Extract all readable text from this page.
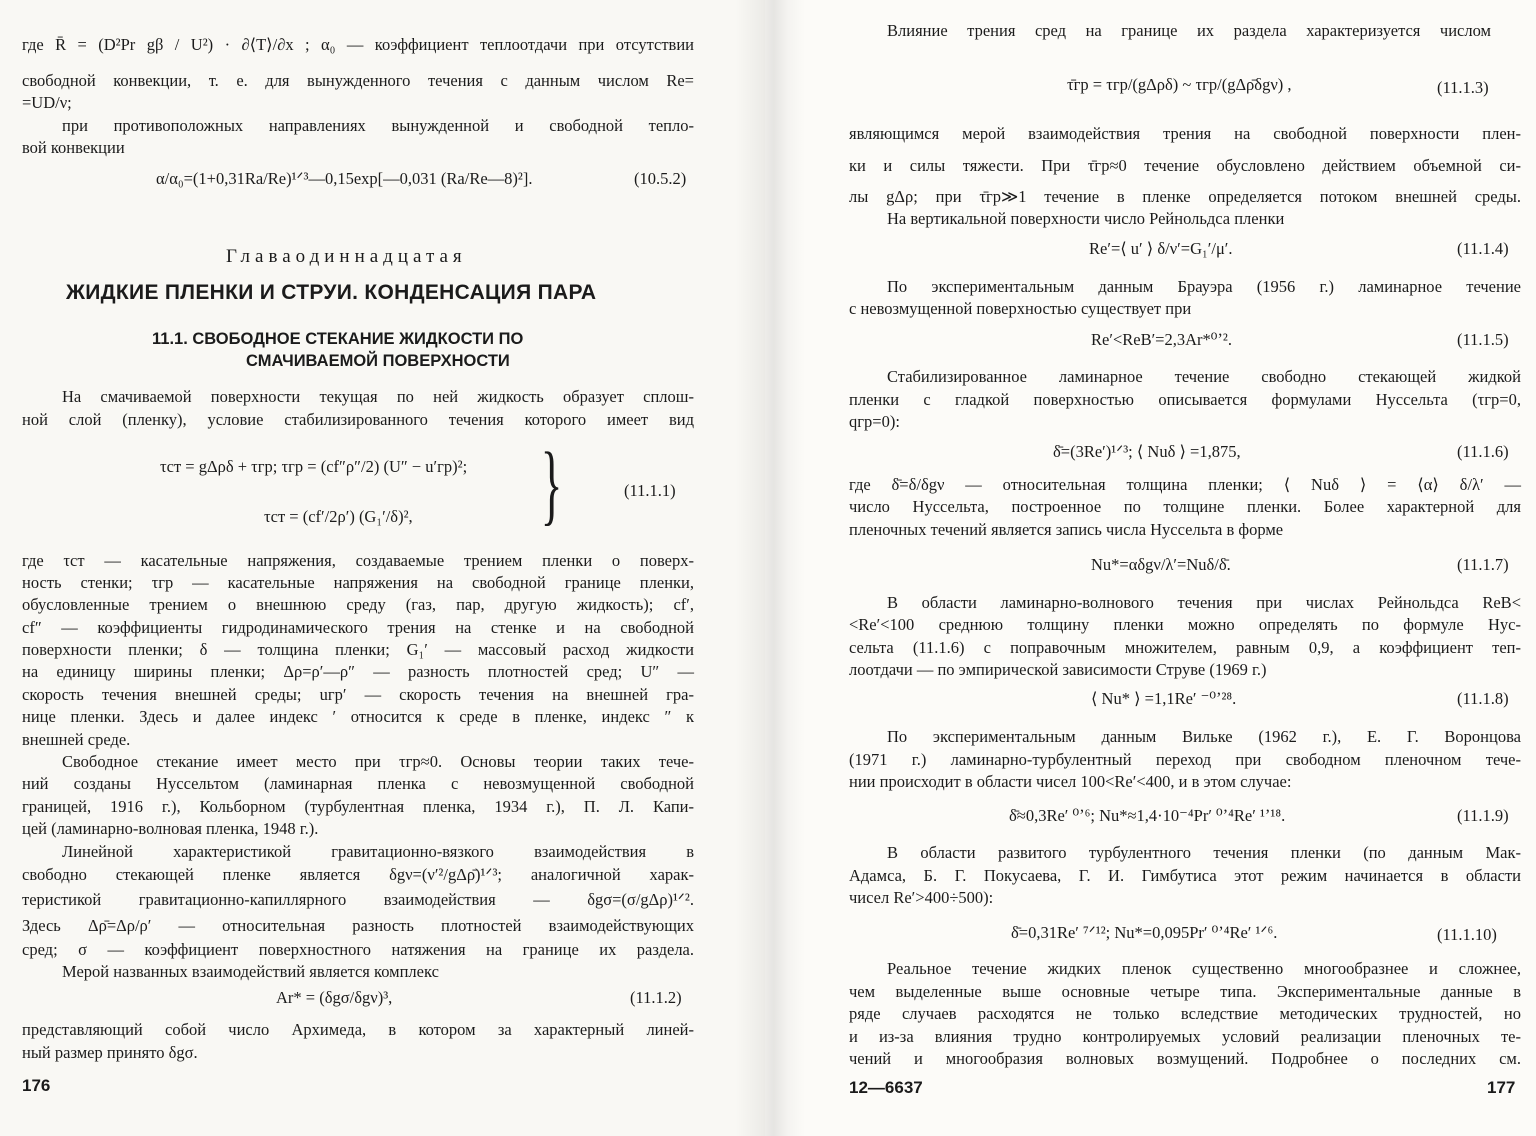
где R̄ = (D²Pr gβ / U²) · ∂⟨T⟩/∂x ; α₀ — коэффициент теплоотдачи при отсутствии
свободной конвекции, т. е. для вынужденного течения с данным числом Re=
=UD/ν;
при противоположных направлениях вынужденной и свободной тепло-
вой конвекции
α/α₀=(1+0,31Ra/Re)¹ᐟ³—0,15exp[—0,031 (Ra/Re—8)²].	(10.5.2)
Главаодиннадцатая
ЖИДКИЕ ПЛЕНКИ И СТРУИ. КОНДЕНСАЦИЯ ПАРА
11.1. СВОБОДНОЕ СТЕКАНИЕ ЖИДКОСТИ ПО
СМАЧИВАЕМОЙ ПОВЕРХНОСТИ
На смачиваемой поверхности текущая по ней жидкость образует сплош-
ной слой (пленку), условие стабилизированного течения которого имеет вид
τст = gΔρδ + τгр; τгр = (cf″ρ″/2) (U″ − u′гр)²;
τст = (cf′/2ρ′) (G₁′/δ)², }	(11.1.1)
где τст — касательные напряжения, создаваемые трением пленки о поверх-
ность стенки; τгр — касательные напряжения на свободной границе пленки,
обусловленные трением о внешнюю среду (газ, пар, другую жидкость); cf′,
cf″ — коэффициенты гидродинамического трения на стенке и на свободной
поверхности пленки; δ — толщина пленки; G₁′ — массовый расход жидкости
на единицу ширины пленки; Δρ=ρ′—ρ″ — разность плотностей сред; U″ —
скорость течения внешней среды; uгр′ — скорость течения на внешней гра-
нице пленки. Здесь и далее индекс ′ относится к среде в пленке, индекс ″ к
внешней среде.
Свободное стекание имеет место при τгр≈0. Основы теории таких тече-
ний созданы Нуссельтом (ламинарная пленка с невозмущенной свободной
границей, 1916 г.), Кольборном (турбулентная пленка, 1934 г.), П. Л. Капи-
цей (ламинарно-волновая пленка, 1948 г.).
Линейной характеристикой гравитационно-вязкого взаимодействия в
свободно стекающей пленке является δgν=(ν′²/gΔρ̄)¹ᐟ³; аналогичной харак-
теристикой гравитационно-капиллярного взаимодействия — δgσ=(σ/gΔρ)¹ᐟ².
Здесь Δρ̄=Δρ/ρ′ — относительная разность плотностей взаимодействующих
сред; σ — коэффициент поверхностного натяжения на границе их раздела.
Мерой названных взаимодействий является комплекс
Ar* = (δgσ/δgν)³,	(11.1.2)
представляющий собой число Архимеда, в котором за характерный линей-
ный размер принято δgσ.
176
Влияние трения сред на границе их раздела характеризуется числом
τ̄гр = τгр/(gΔρδ) ~ τгр/(gΔρ̄δgν) ,	(11.1.3)
являющимся мерой взаимодействия трения на свободной поверхности плен-
ки и силы тяжести. При τ̄гр≈0 течение обусловлено действием объемной си-
лы gΔρ; при τ̄гр≫1 течение в пленке определяется потоком внешней среды.
На вертикальной поверхности число Рейнольдса пленки
Re′=⟨ u′ ⟩ δ/ν′=G₁′/μ′.	(11.1.4)
По экспериментальным данным Брауэра (1956 г.) ламинарное течение
с невозмущенной поверхностью существует при
Re′<ReB′=2,3Ar*⁰ʼ².	(11.1.5)
Стабилизированное ламинарное течение свободно стекающей жидкой
пленки с гладкой поверхностью описывается формулами Нуссельта (τгр=0,
qгр=0):
δ̄=(3Re′)¹ᐟ³; ⟨ Nuδ ⟩ =1,875,	(11.1.6)
где δ̄=δ/δgν — относительная толщина пленки; ⟨ Nuδ ⟩ = ⟨α⟩ δ/λ′ —
число Нуссельта, построенное по толщине пленки. Более характерной для
пленочных течений является запись числа Нуссельта в форме
Nu*=αδgν/λ′=Nuδ/δ̄.	(11.1.7)
В области ламинарно-волнового течения при числах Рейнольдса ReB<
<Re′<100 среднюю толщину пленки можно определять по формуле Нус-
сельта (11.1.6) с поправочным множителем, равным 0,9, а коэффициент теп-
лоотдачи — по эмпирической зависимости Струве (1969 г.)
⟨ Nu* ⟩ =1,1Re′ ⁻⁰ʼ²⁸.	(11.1.8)
По экспериментальным данным Вильке (1962 г.), Е. Г. Воронцова
(1971 г.) ламинарно-турбулентный переход при свободном пленочном тече-
нии происходит в области чисел 100<Re′<400, и в этом случае:
δ̄≈0,3Re′ ⁰ʼ⁶; Nu*≈1,4·10⁻⁴Pr′ ⁰ʼ⁴Re′ ¹ʼ¹⁸.	(11.1.9)
В области развитого турбулентного течения пленки (по данным Мак-
Адамса, Б. Г. Покусаева, Г. И. Гимбутиса этот режим начинается в области
чисел Re′>400÷500):
δ̄=0,31Re′ ⁷ᐟ¹²; Nu*=0,095Pr′ ⁰ʼ⁴Re′ ¹ᐟ⁶.	(11.1.10)
Реальное течение жидких пленок существенно многообразнее и сложнее,
чем выделенные выше основные четыре типа. Экспериментальные данные в
ряде случаев расходятся не только вследствие методических трудностей, но
и из-за влияния трудно контролируемых условий реализации пленочных те-
чений и многообразия волновых возмущений. Подробнее о последних см.
12—6637	177
